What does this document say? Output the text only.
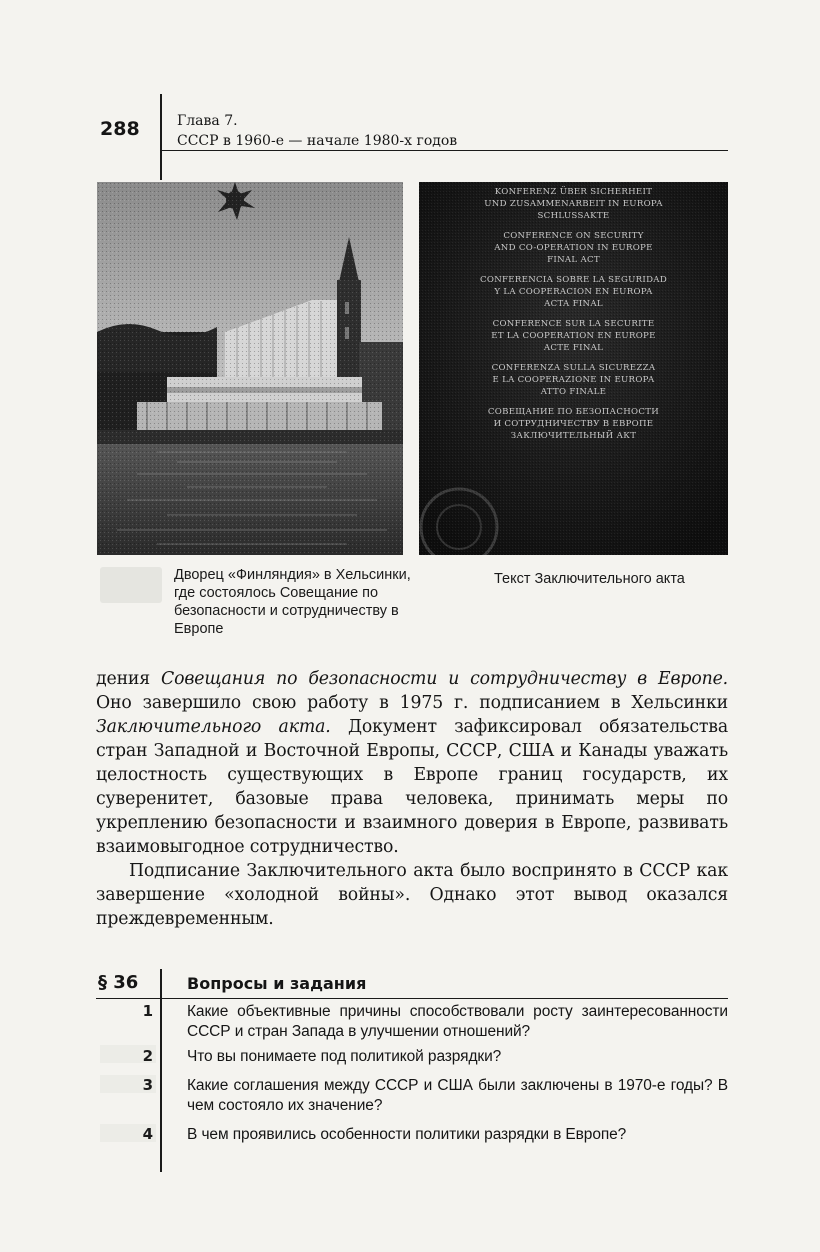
288	Глава 7.
СССР в 1960-е — начале 1980-х годов
KONFERENZ ÜBER SICHERHEIT
UND ZUSAMMENARBEIT IN EUROPA
SCHLUSSAKTE
CONFERENCE ON SECURITY
AND CO-OPERATION IN EUROPE
FINAL ACT
CONFERENCIA SOBRE LA SEGURIDAD
Y LA COOPERACION EN EUROPA
ACTA FINAL
CONFERENCE SUR LA SECURITE
ET LA COOPERATION EN EUROPE
ACTE FINAL
CONFERENZA SULLA SICUREZZA
E LA COOPERAZIONE IN EUROPA
ATTO FINALE
СОВЕЩАНИЕ ПО БЕЗОПАСНОСТИ
И СОТРУДНИЧЕСТВУ В ЕВРОПЕ
ЗАКЛЮЧИТЕЛЬНЫЙ АКТ
Дворец «Финляндия» в Хельсинки, где состоялось Совещание по безопасности и сотрудничеству в Европе
Текст Заключительного акта

дения Совещания по безопасности и сотрудничеству в Европе. Оно завершило свою работу в 1975 г. подписанием в Хельсинки Заключительного акта. Документ зафиксировал обязательства стран Западной и Восточной Европы, СССР, США и Канады уважать целостность существующих в Европе границ государств, их суверенитет, базовые права человека, принимать меры по укреплению безопасности и взаимного доверия в Европе, развивать взаимовыгодное сотрудничество.

Подписание Заключительного акта было воспринято в СССР как завершение «холодной войны». Однако этот вывод оказался преждевременным.

§ 36	Вопросы и задания
1 Какие объективные причины способствовали росту заинтересованности СССР и стран Запада в улучшении отношений?
2 Что вы понимаете под политикой разрядки?
3 Какие соглашения между СССР и США были заключены в 1970-е годы? В чем состояло их значение?
4 В чем проявились особенности политики разрядки в Европе?
